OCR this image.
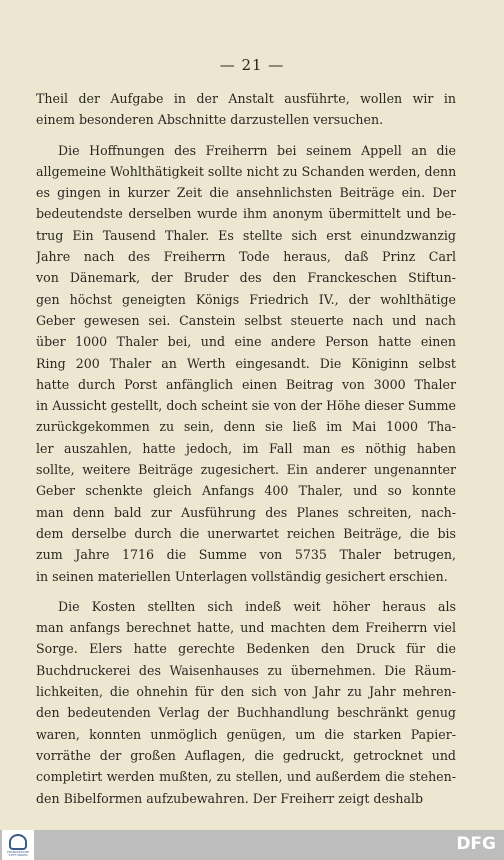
— 21 —
Theil der Aufgabe in der Anstalt ausführte, wollen wir in
einem besonderen Abschnitte darzustellen versuchen.
Die Hoffnungen des Freiherrn bei seinem Appell an die
allgemeine Wohlthätigkeit sollte nicht zu Schanden werden, denn
es gingen in kurzer Zeit die ansehnlichsten Beiträge ein. Der
bedeutendste derselben wurde ihm anonym übermittelt und be-
trug Ein Tausend Thaler. Es stellte sich erst einundzwanzig
Jahre nach des Freiherrn Tode heraus, daß Prinz Carl
von Dänemark, der Bruder des den Franckeschen Stiftun-
gen höchst geneigten Königs Friedrich IV., der wohlthätige
Geber gewesen sei. Canstein selbst steuerte nach und nach
über 1000 Thaler bei, und eine andere Person hatte einen
Ring 200 Thaler an Werth eingesandt. Die Königinn selbst
hatte durch Porst anfänglich einen Beitrag von 3000 Thaler
in Aussicht gestellt, doch scheint sie von der Höhe dieser Summe
zurückgekommen zu sein, denn sie ließ im Mai 1000 Tha-
ler auszahlen, hatte jedoch, im Fall man es nöthig haben
sollte, weitere Beiträge zugesichert. Ein anderer ungenannter
Geber schenkte gleich Anfangs 400 Thaler, und so konnte
man denn bald zur Ausführung des Planes schreiten, nach-
dem derselbe durch die unerwartet reichen Beiträge, die bis
zum Jahre 1716 die Summe von 5735 Thaler betrugen,
in seinen materiellen Unterlagen vollständig gesichert erschien.
Die Kosten stellten sich indeß weit höher heraus als
man anfangs berechnet hatte, und machten dem Freiherrn viel
Sorge. Elers hatte gerechte Bedenken den Druck für die
Buchdruckerei des Waisenhauses zu übernehmen. Die Räum-
lichkeiten, die ohnehin für den sich von Jahr zu Jahr mehren-
den bedeutenden Verlag der Buchhandlung beschränkt genug
waren, konnten unmöglich genügen, um die starken Papier-
vorräthe der großen Auflagen, die gedruckt, getrocknet und
completirt werden mußten, zu stellen, und außerdem die stehen-
den Bibelformen aufzubewahren. Der Freiherr zeigt deshalb
FRANCKESCHE STIFTUNGEN
DFG
